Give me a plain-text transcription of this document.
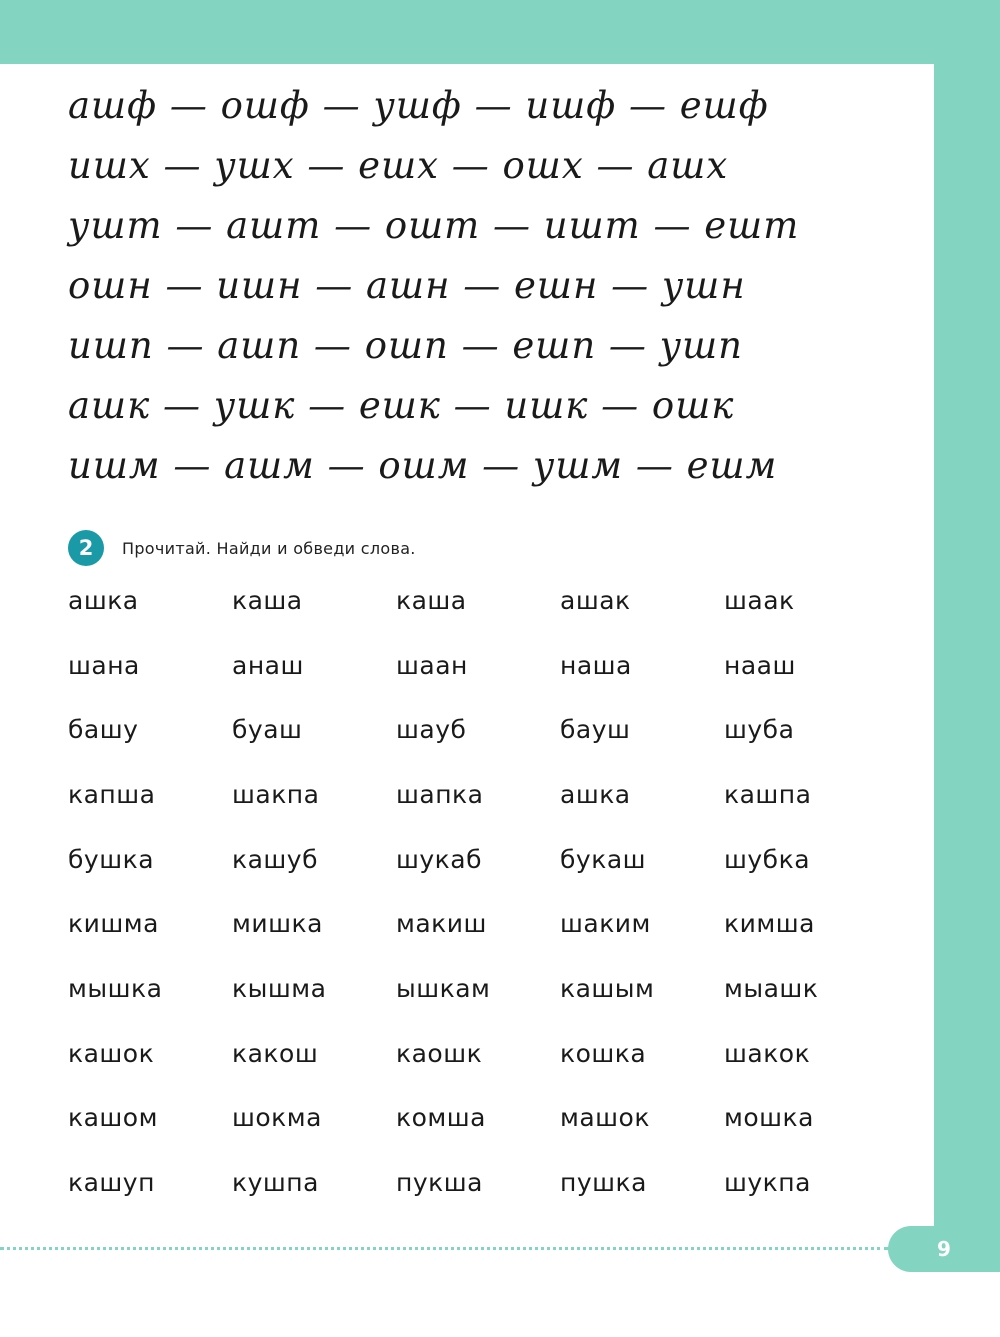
ашф — ошф — ушф — ишф — ешф
ишх — ушх — ешх — ошх — ашх
ушт — ашт — ошт — ишт — ешт
ошн — ишн — ашн — ешн — ушн
ишп — ашп — ошп — ешп — ушп
ашк — ушк — ешк — ишк — ошк
ишм — ашм — ошм — ушм — ешм
2	Прочитай. Найди и обведи слова.
ашка	каша	каша	ашак	шаак
шана	анаш	шаан	наша	нааш
башу	буаш	шауб	бауш	шуба
капша	шакпа	шапка	ашка	кашпа
бушка	кашуб	шукаб	букаш	шубка
кишма	мишка	макиш	шаким	кимша
мышка	кышма	ышкам	кашым	мыашк
кашок	какош	каошк	кошка	шакок
кашом	шокма	комша	машок	мошка
кашуп	кушпа	пукша	пушка	шукпа
9
